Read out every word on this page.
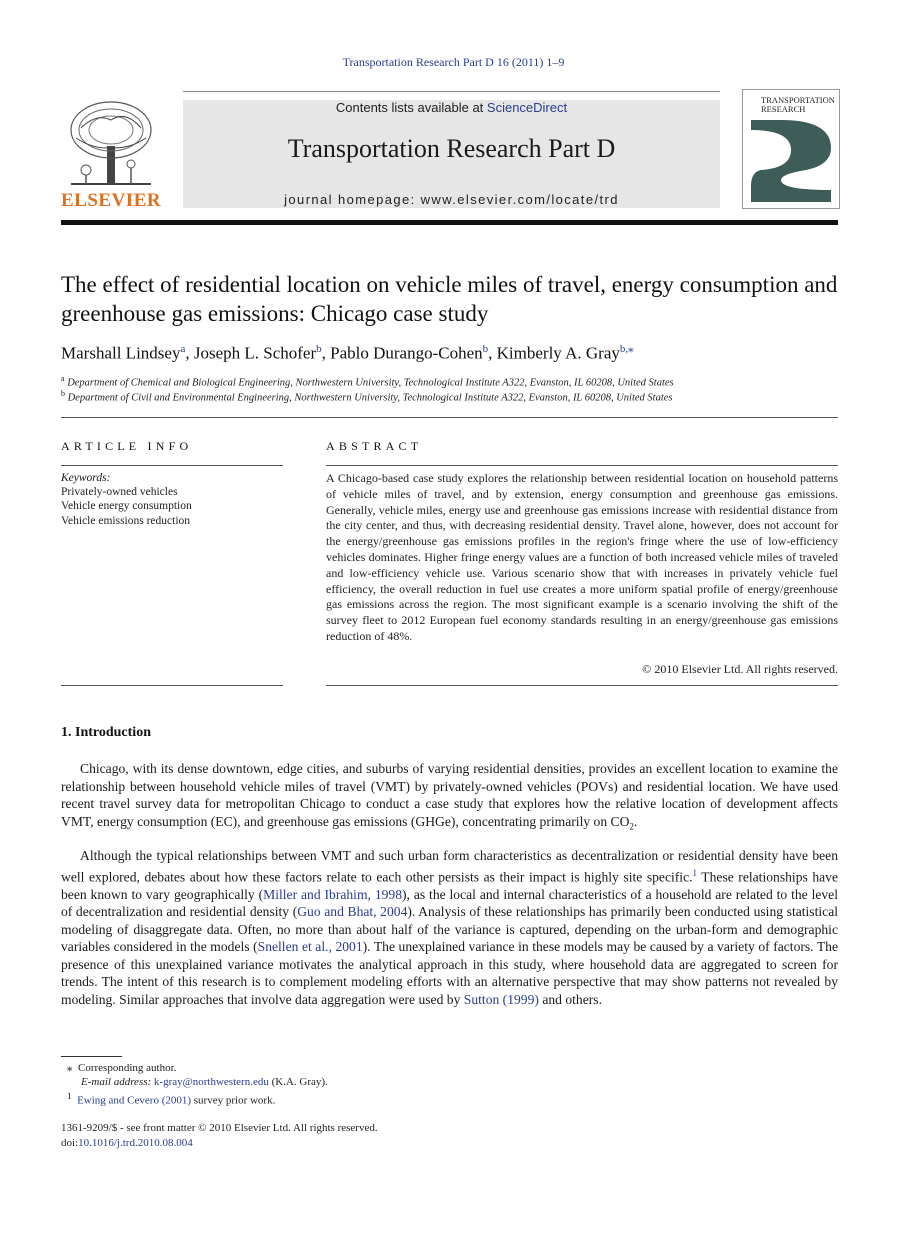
Transportation Research Part D 16 (2011) 1–9
ELSEVIER
Contents lists available at ScienceDirect
Transportation Research Part D
journal homepage: www.elsevier.com/locate/trd
TRANSPORTATION RESEARCH
The effect of residential location on vehicle miles of travel, energy consumption and greenhouse gas emissions: Chicago case study
Marshall Lindsey$^a$, Joseph L. Schofer$^b$, Pablo Durango-Cohen$^b$, Kimberly A. Gray$^{b,⁎}$
$^a$ Department of Chemical and Biological Engineering, Northwestern University, Technological Institute A322, Evanston, IL 60208, United States
$^b$ Department of Civil and Environmental Engineering, Northwestern University, Technological Institute A322, Evanston, IL 60208, United States
ARTICLE INFO	ABSTRACT
Keywords:
Privately-owned vehicles
Vehicle energy consumption
Vehicle emissions reduction
A Chicago-based case study explores the relationship between residential location on household patterns of vehicle miles of travel, and by extension, energy consumption and greenhouse gas emissions. Generally, vehicle miles, energy use and greenhouse gas emissions increase with residential distance from the city center, and thus, with decreasing residential density. Travel alone, however, does not account for the energy/greenhouse gas emissions profiles in the region's fringe where the use of low-efficiency vehicles dominates. Higher fringe energy values are a function of both increased vehicle miles of traveled and low-efficiency vehicle use. Various scenario show that with increases in privately vehicle fuel efficiency, the overall reduction in fuel use creates a more uniform spatial profile of energy/greenhouse gas emissions across the region. The most significant example is a scenario involving the shift of the survey fleet to 2012 European fuel economy standards resulting in an energy/greenhouse gas emissions reduction of 48%.
© 2010 Elsevier Ltd. All rights reserved.
1. Introduction
Chicago, with its dense downtown, edge cities, and suburbs of varying residential densities, provides an excellent location to examine the relationship between household vehicle miles of travel (VMT) by privately-owned vehicles (POVs) and residential location. We have used recent travel survey data for metropolitan Chicago to conduct a case study that explores how the relative location of development affects VMT, energy consumption (EC), and greenhouse gas emissions (GHGe), concentrating primarily on $CO_2$.
Although the typical relationships between VMT and such urban form characteristics as decentralization or residential density have been well explored, debates about how these factors relate to each other persists as their impact is highly site specific.$^1$ These relationships have been known to vary geographically (Miller and Ibrahim, 1998), as the local and internal characteristics of a household are related to the level of decentralization and residential density (Guo and Bhat, 2004). Analysis of these relationships has primarily been conducted using statistical modeling of disaggregate data. Often, no more than about half of the variance is captured, depending on the urban-form and demographic variables considered in the models (Snellen et al., 2001). The unexplained variance in these models may be caused by a variety of factors. The presence of this unexplained variance motivates the analytical approach in this study, where household data are aggregated to screen for trends. The intent of this research is to complement modeling efforts with an alternative perspective that may show patterns not revealed by modeling. Similar approaches that involve data aggregation were used by Sutton (1999) and others.
⁎ Corresponding author.
E-mail address: k-gray@northwestern.edu (K.A. Gray).
$^1$ Ewing and Cevero (2001) survey prior work.
1361-9209/$ - see front matter © 2010 Elsevier Ltd. All rights reserved.
doi:10.1016/j.trd.2010.08.004
